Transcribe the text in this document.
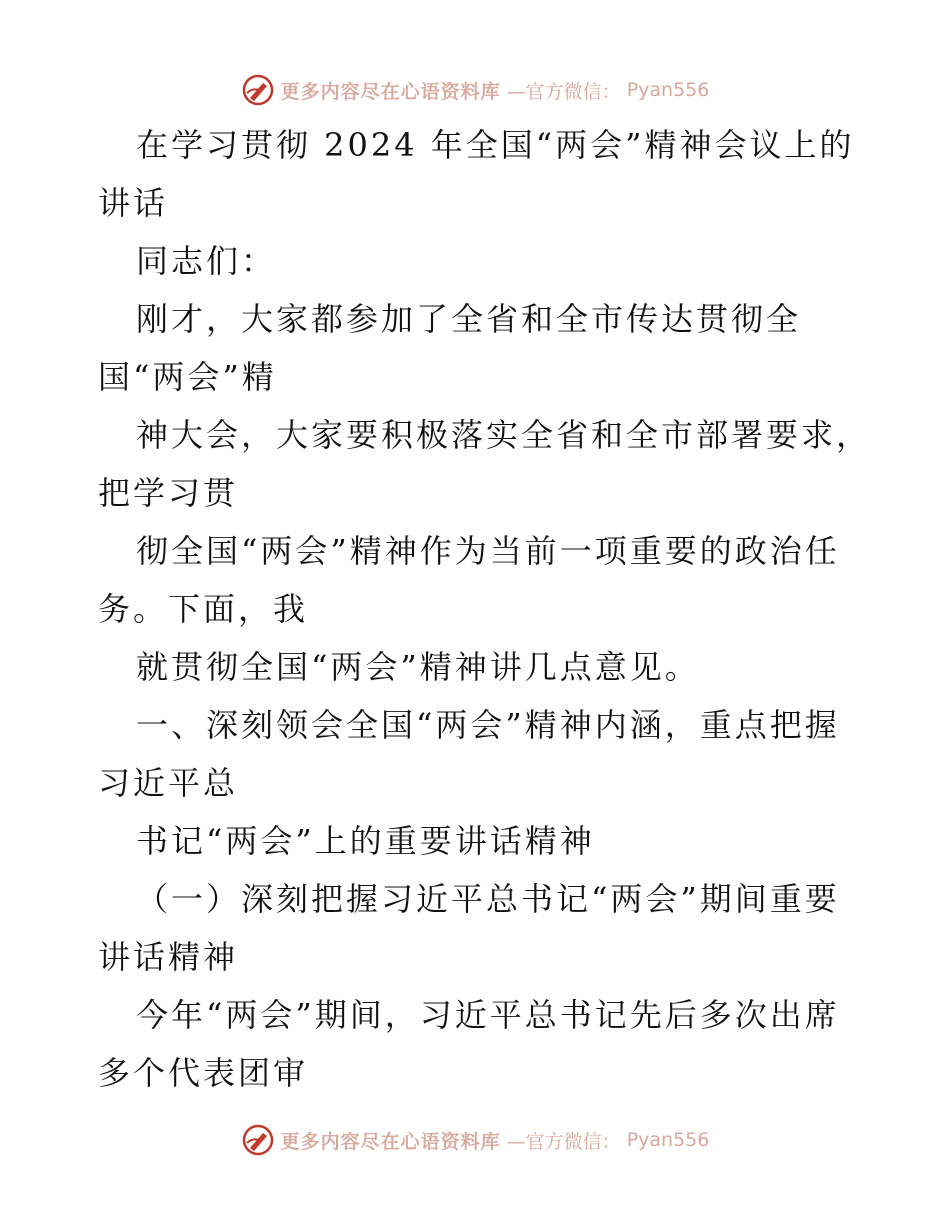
更多内容尽在心语资料库 —官方微信： Pyan556
在学习贯彻 2024 年全国“两会”精神会议上的
讲话
同志们：
刚才，大家都参加了全省和全市传达贯彻全
国“两会”精
神大会，大家要积极落实全省和全市部署要求，
把学习贯
彻全国“两会”精神作为当前一项重要的政治任
务。下面，我
就贯彻全国“两会”精神讲几点意见。
一、深刻领会全国“两会”精神内涵，重点把握
习近平总
书记“两会”上的重要讲话精神
（一）深刻把握习近平总书记“两会”期间重要
讲话精神
今年“两会”期间，习近平总书记先后多次出席
多个代表团审
更多内容尽在心语资料库 —官方微信： Pyan556
